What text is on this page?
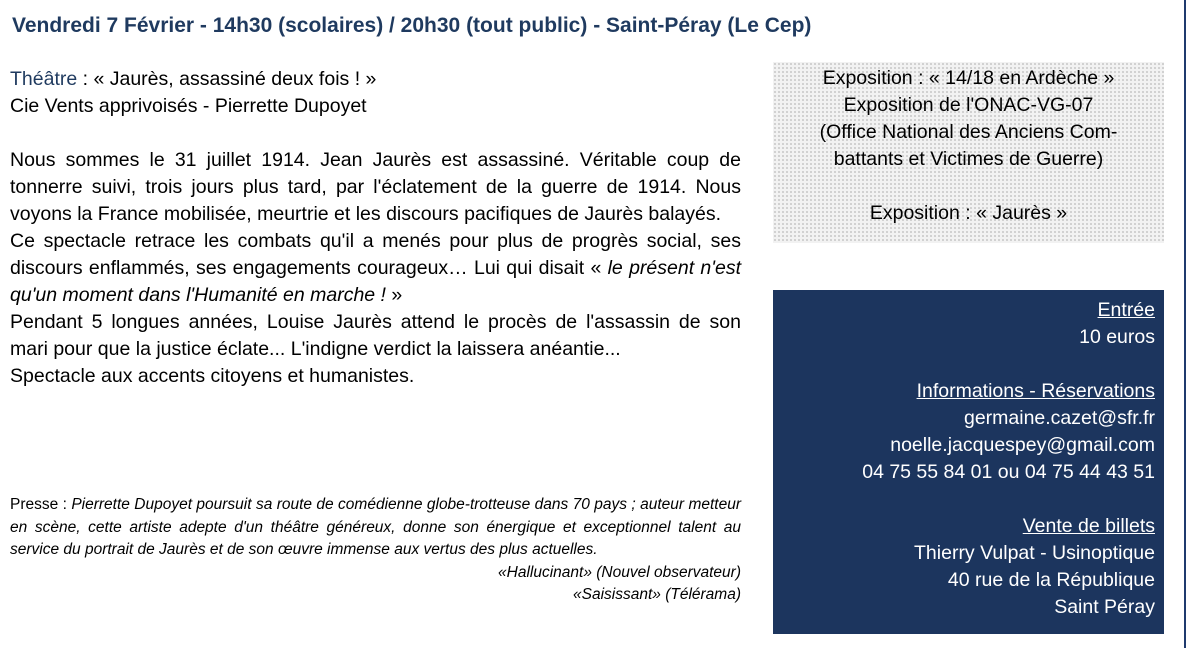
Vendredi 7 Février - 14h30 (scolaires) / 20h30 (tout public) - Saint-Péray (Le Cep)

Théâtre : « Jaurès, assassiné deux fois ! »

Cie Vents apprivoisés - Pierrette Dupoyet

Nous sommes le 31 juillet 1914. Jean Jaurès est assassiné. Véritable coup de tonnerre suivi, trois jours plus tard, par l'éclatement de la guerre de 1914. Nous voyons la France mobilisée, meurtrie et les discours pacifiques de Jaurès balayés.

Ce spectacle retrace les combats qu'il a menés pour plus de progrès social, ses discours enflammés, ses engagements courageux… Lui qui disait « le présent n'est qu'un moment dans l'Humanité en marche ! »

Pendant 5 longues années, Louise Jaurès attend le procès de l'assassin de son mari pour que la justice éclate... L'indigne verdict la laissera anéantie...

Spectacle aux accents citoyens et humanistes.

Presse : Pierrette Dupoyet poursuit sa route de comédienne globe-trotteuse dans 70 pays ; auteur metteur en scène, cette artiste adepte d'un théâtre généreux, donne son énergique et exceptionnel talent au service du portrait de Jaurès et de son œuvre immense aux vertus des plus actuelles.

«Hallucinant» (Nouvel observateur)

«Saisissant» (Télérama)

Exposition : « 14/18 en Ardèche »

Exposition de l'ONAC-VG-07

(Office National des Anciens Com-

battants et Victimes de Guerre)

Exposition : « Jaurès »

Entrée

10 euros

Informations - Réservations

germaine.cazet@sfr.fr

noelle.jacquespey@gmail.com

04 75 55 84 01 ou 04 75 44 43 51

Vente de billets

Thierry Vulpat - Usinoptique

40 rue de la République

Saint Péray
